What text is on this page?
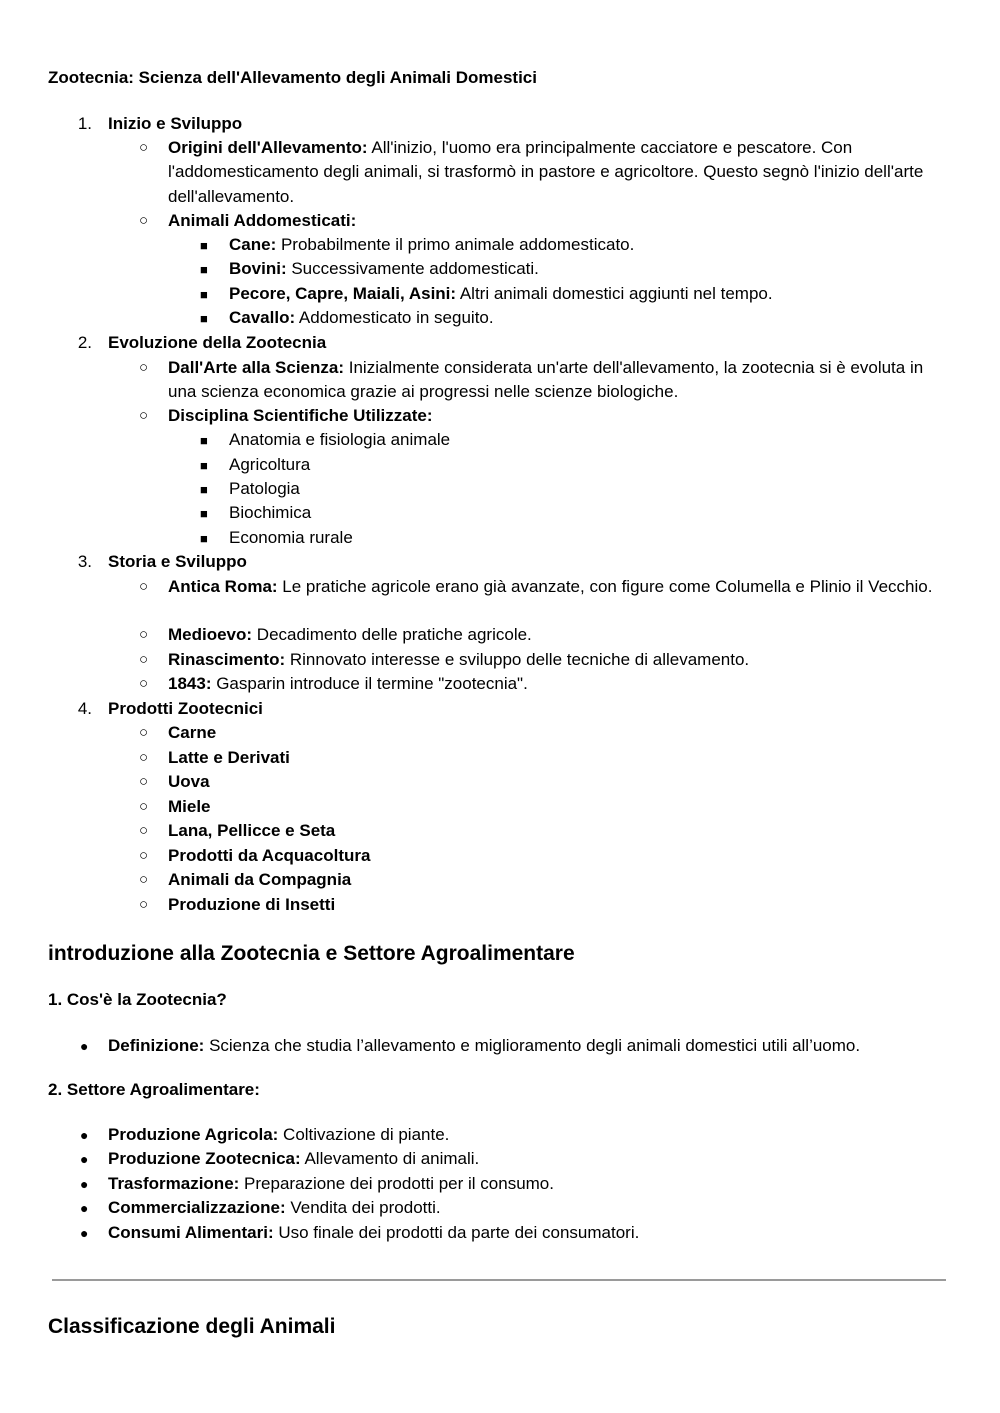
Zootecnia: Scienza dell'Allevamento degli Animali Domestici
1. Inizio e Sviluppo
○ Origini dell'Allevamento: All'inizio, l'uomo era principalmente cacciatore e pescatore. Con l'addomesticamento degli animali, si trasformò in pastore e agricoltore. Questo segnò l'inizio dell'arte dell'allevamento.
○ Animali Addomesticati:
■ Cane: Probabilmente il primo animale addomesticato.
■ Bovini: Successivamente addomesticati.
■ Pecore, Capre, Maiali, Asini: Altri animali domestici aggiunti nel tempo.
■ Cavallo: Addomesticato in seguito.
2. Evoluzione della Zootecnia
○ Dall'Arte alla Scienza: Inizialmente considerata un'arte dell'allevamento, la zootecnia si è evoluta in una scienza economica grazie ai progressi nelle scienze biologiche.
○ Disciplina Scientifiche Utilizzate:
■ Anatomia e fisiologia animale
■ Agricoltura
■ Patologia
■ Biochimica
■ Economia rurale
3. Storia e Sviluppo
○ Antica Roma: Le pratiche agricole erano già avanzate, con figure come Columella e Plinio il Vecchio.
○ Medioevo: Decadimento delle pratiche agricole.
○ Rinascimento: Rinnovato interesse e sviluppo delle tecniche di allevamento.
○ 1843: Gasparin introduce il termine "zootecnia".
4. Prodotti Zootecnici
○ Carne
○ Latte e Derivati
○ Uova
○ Miele
○ Lana, Pellicce e Seta
○ Prodotti da Acquacoltura
○ Animali da Compagnia
○ Produzione di Insetti
introduzione alla Zootecnia e Settore Agroalimentare
1. Cos'è la Zootecnia?
● Definizione: Scienza che studia l’allevamento e miglioramento degli animali domestici utili all’uomo.
2. Settore Agroalimentare:
● Produzione Agricola: Coltivazione di piante.
● Produzione Zootecnica: Allevamento di animali.
● Trasformazione: Preparazione dei prodotti per il consumo.
● Commercializzazione: Vendita dei prodotti.
● Consumi Alimentari: Uso finale dei prodotti da parte dei consumatori.
Classificazione degli Animali
